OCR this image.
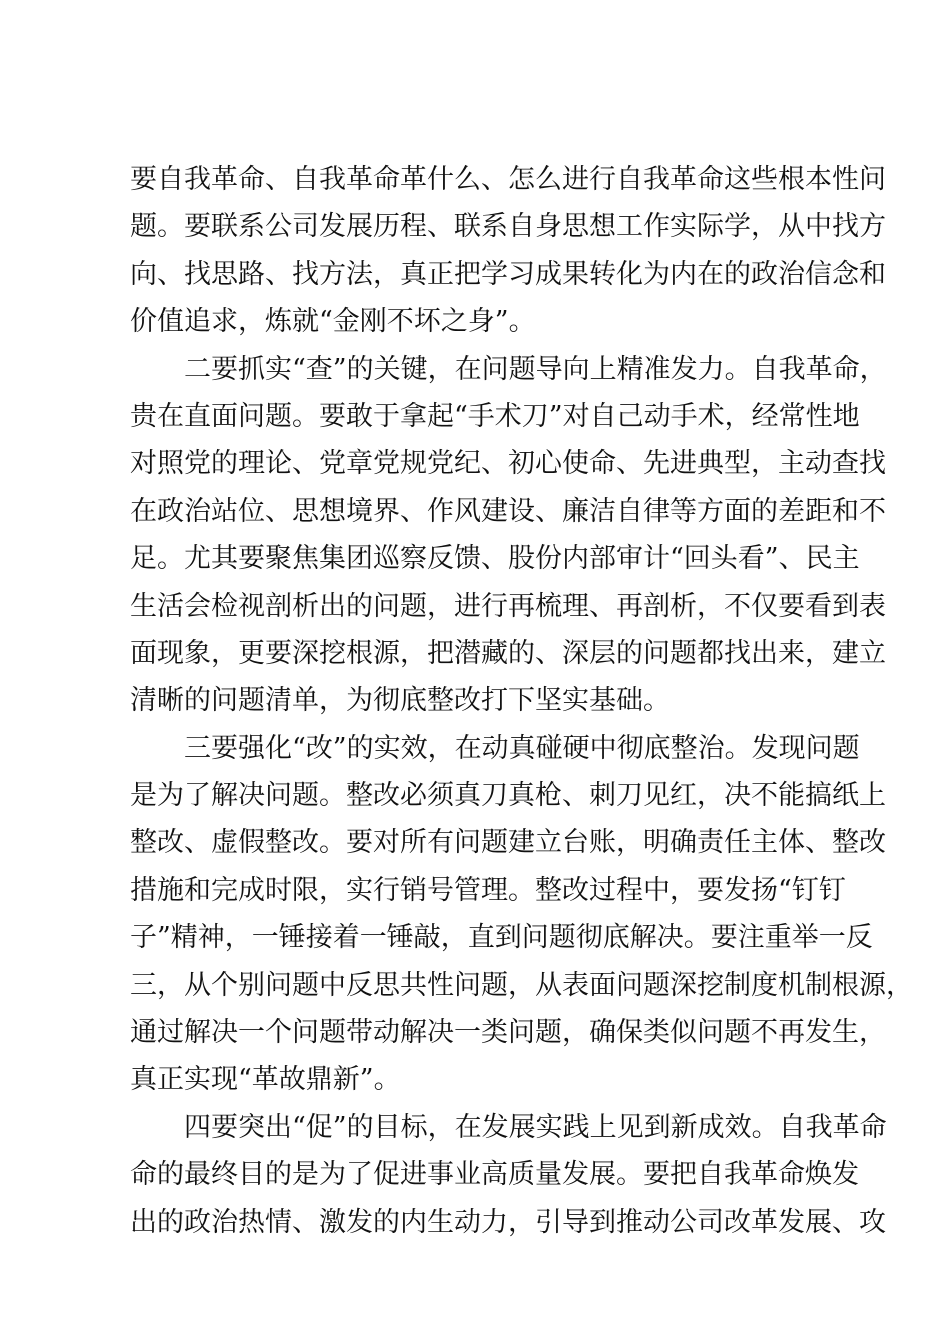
要自我革命、自我革命革什么、怎么进行自我革命这些根本性问
题。要联系公司发展历程、联系自身思想工作实际学，从中找方
向、找思路、找方法，真正把学习成果转化为内在的政治信念和
价值追求，炼就“金刚不坏之身”。
二要抓实“查”的关键，在问题导向上精准发力。自我革命，
贵在直面问题。要敢于拿起“手术刀”对自己动手术，经常性地
对照党的理论、党章党规党纪、初心使命、先进典型，主动查找
在政治站位、思想境界、作风建设、廉洁自律等方面的差距和不
足。尤其要聚焦集团巡察反馈、股份内部审计“回头看”、民主
生活会检视剖析出的问题，进行再梳理、再剖析，不仅要看到表
面现象，更要深挖根源，把潜藏的、深层的问题都找出来，建立
清晰的问题清单，为彻底整改打下坚实基础。
三要强化“改”的实效，在动真碰硬中彻底整治。发现问题
是为了解决问题。整改必须真刀真枪、刺刀见红，决不能搞纸上
整改、虚假整改。要对所有问题建立台账，明确责任主体、整改
措施和完成时限，实行销号管理。整改过程中，要发扬“钉钉
子”精神，一锤接着一锤敲，直到问题彻底解决。要注重举一反
三，从个别问题中反思共性问题，从表面问题深挖制度机制根源，
通过解决一个问题带动解决一类问题，确保类似问题不再发生，
真正实现“革故鼎新”。
四要突出“促”的目标，在发展实践上见到新成效。自我革命
命的最终目的是为了促进事业高质量发展。要把自我革命焕发
出的政治热情、激发的内生动力，引导到推动公司改革发展、攻
